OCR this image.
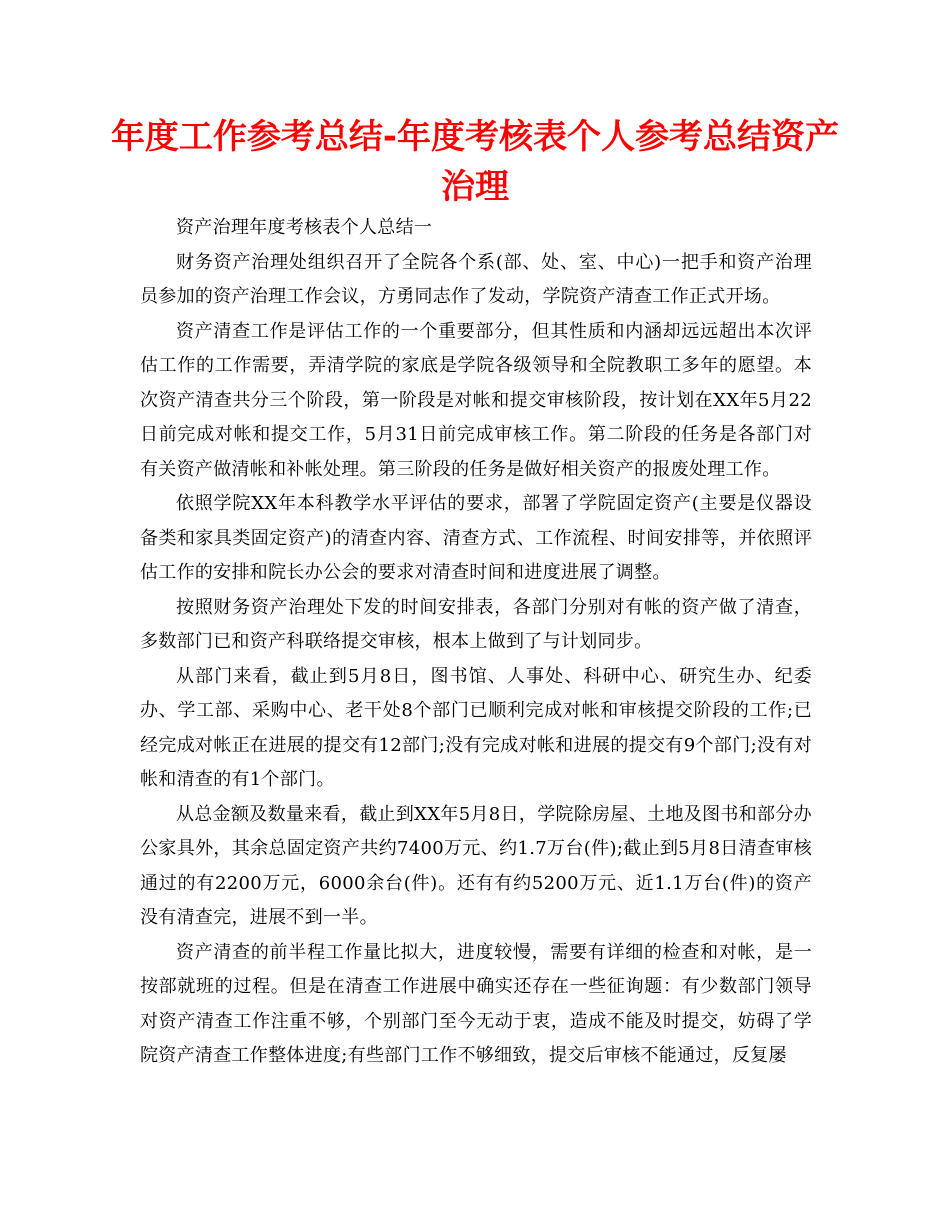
年度工作参考总结-年度考核表个人参考总结资产治理

资产治理年度考核表个人总结一

财务资产治理处组织召开了全院各个系(部、处、室、中心)一把手和资产治理员参加的资产治理工作会议，方勇同志作了发动，学院资产清查工作正式开场。

资产清查工作是评估工作的一个重要部分，但其性质和内涵却远远超出本次评估工作的工作需要，弄清学院的家底是学院各级领导和全院教职工多年的愿望。本次资产清查共分三个阶段，第一阶段是对帐和提交审核阶段，按计划在XX年5月22日前完成对帐和提交工作，5月31日前完成审核工作。第二阶段的任务是各部门对有关资产做清帐和补帐处理。第三阶段的任务是做好相关资产的报废处理工作。

依照学院XX年本科教学水平评估的要求，部署了学院固定资产(主要是仪器设备类和家具类固定资产)的清查内容、清查方式、工作流程、时间安排等，并依照评估工作的安排和院长办公会的要求对清查时间和进度进展了调整。

按照财务资产治理处下发的时间安排表，各部门分别对有帐的资产做了清查，多数部门已和资产科联络提交审核，根本上做到了与计划同步。

从部门来看，截止到5月8日，图书馆、人事处、科研中心、研究生办、纪委办、学工部、采购中心、老干处8个部门已顺利完成对帐和审核提交阶段的工作;已经完成对帐正在进展的提交有12部门;没有完成对帐和进展的提交有9个部门;没有对帐和清查的有1个部门。

从总金额及数量来看，截止到XX年5月8日，学院除房屋、土地及图书和部分办公家具外，其余总固定资产共约7400万元、约1.7万台(件);截止到5月8日清查审核通过的有2200万元，6000余台(件)。还有有约5200万元、近1.1万台(件)的资产没有清查完，进展不到一半。

资产清查的前半程工作量比拟大，进度较慢，需要有详细的检查和对帐，是一按部就班的过程。但是在清查工作进展中确实还存在一些征询题：有少数部门领导对资产清查工作注重不够，个别部门至今无动于衷，造成不能及时提交，妨碍了学院资产清查工作整体进度;有些部门工作不够细致，提交后审核不能通过，反复屡
